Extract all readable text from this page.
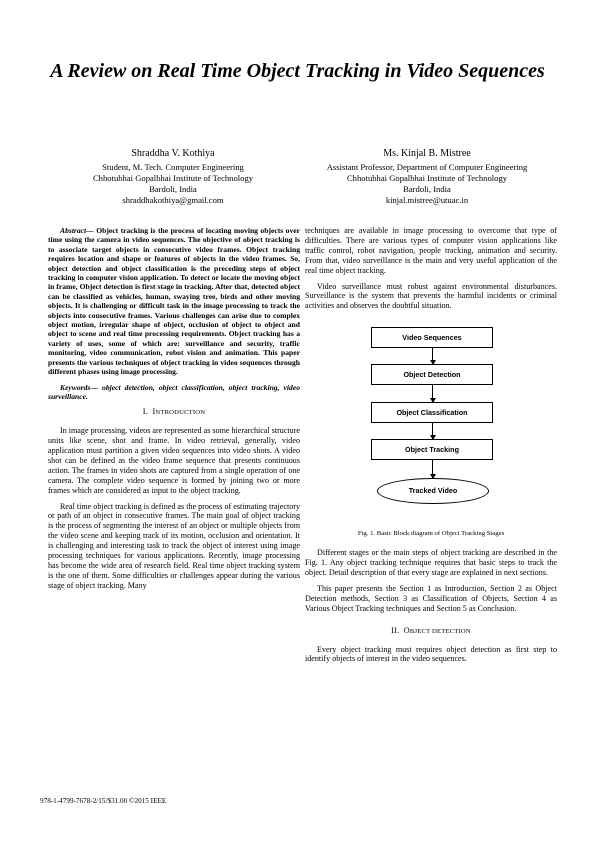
A Review on Real Time Object Tracking in Video Sequences
Shraddha V. Kothiya
Student, M. Tech. Computer Engineering
Chhotubhai Gopalbhai Institute of Technology
Bardoli, India
shraddhakothiya@gmail.com
Ms. Kinjal B. Mistree
Assistant Professor, Department of Computer Engineering
Chhotubhai Gopalbhai Institute of Technology
Bardoli, India
kinjal.mistree@utuac.in

Abstract— Object tracking is the process of locating moving objects over time using the camera in video sequences. The objective of object tracking is to associate target objects in consecutive video frames. Object tracking requires location and shape or features of objects in the video frames. So, object detection and object classification is the preceding steps of object tracking in computer vision application. To detect or locate the moving object in frame, Object detection is first stage in tracking. After that, detected object can be classified as vehicles, human, swaying tree, birds and other moving objects. It is challenging or difficult task in the image processing to track the objects into consecutive frames. Various challenges can arise due to complex object motion, irregular shape of object, occlusion of object to object and object to scene and real time processing requirements. Object tracking has a variety of uses, some of which are: surveillance and security, traffic monitoring, video communication, robot vision and animation. This paper presents the various techniques of object tracking in video sequences through different phases using image processing.

Keywords— object detection, object classification, object tracking, video surveillance.

I. INTRODUCTION

In image processing, videos are represented as some hierarchical structure units like scene, shot and frame. In video retrieval, generally, video application must partition a given video sequences into video shots. A video shot can be defined as the video frame sequence that presents continuous action. The frames in video shots are captured from a single operation of one camera. The complete video sequence is formed by joining two or more frames which are considered as input to the object tracking.

Real time object tracking is defined as the process of estimating trajectory or path of an object in consecutive frames. The main goal of object tracking is the process of segmenting the interest of an object or multiple objects from the video scene and keeping track of its motion, occlusion and orientation. It is challenging and interesting task to track the object of interest using image processing techniques for various applications. Recently, image processing has become the wide area of research field. Real time object tracking system is the one of them. Some difficulties or challenges appear during the various stage of object tracking. Many

techniques are available in image processing to overcome that type of difficulties. There are various types of computer vision applications like traffic control, robot navigation, people tracking, animation and security. From that, video surveillance is the main and very useful application of the real time object tracking.

Video surveillance must robust against environmental disturbances. Surveillance is the system that prevents the harmful incidents or criminal activities and observes the doubtful situation.

Video Sequences
Object Detection
Object Classification
Object Tracking
Tracked Video
Fig. 1. Basic Block diagram of Object Tracking Stages

Different stages or the main steps of object tracking are described in the Fig. 1. Any object tracking technique requires that basic steps to track the object. Detail description of that every stage are explained in next sections.

This paper presents the Section 1 as Introduction, Section 2 as Object Detection methods, Section 3 as Classification of Objects, Section 4 as Various Object Tracking techniques and Section 5 as Conclusion.

II. OBJECT DETECTION

Every object tracking must requires object detection as first step to identify objects of interest in the video sequences.

978-1-4799-7678-2/15/$31.00 ©2015 IEEE
